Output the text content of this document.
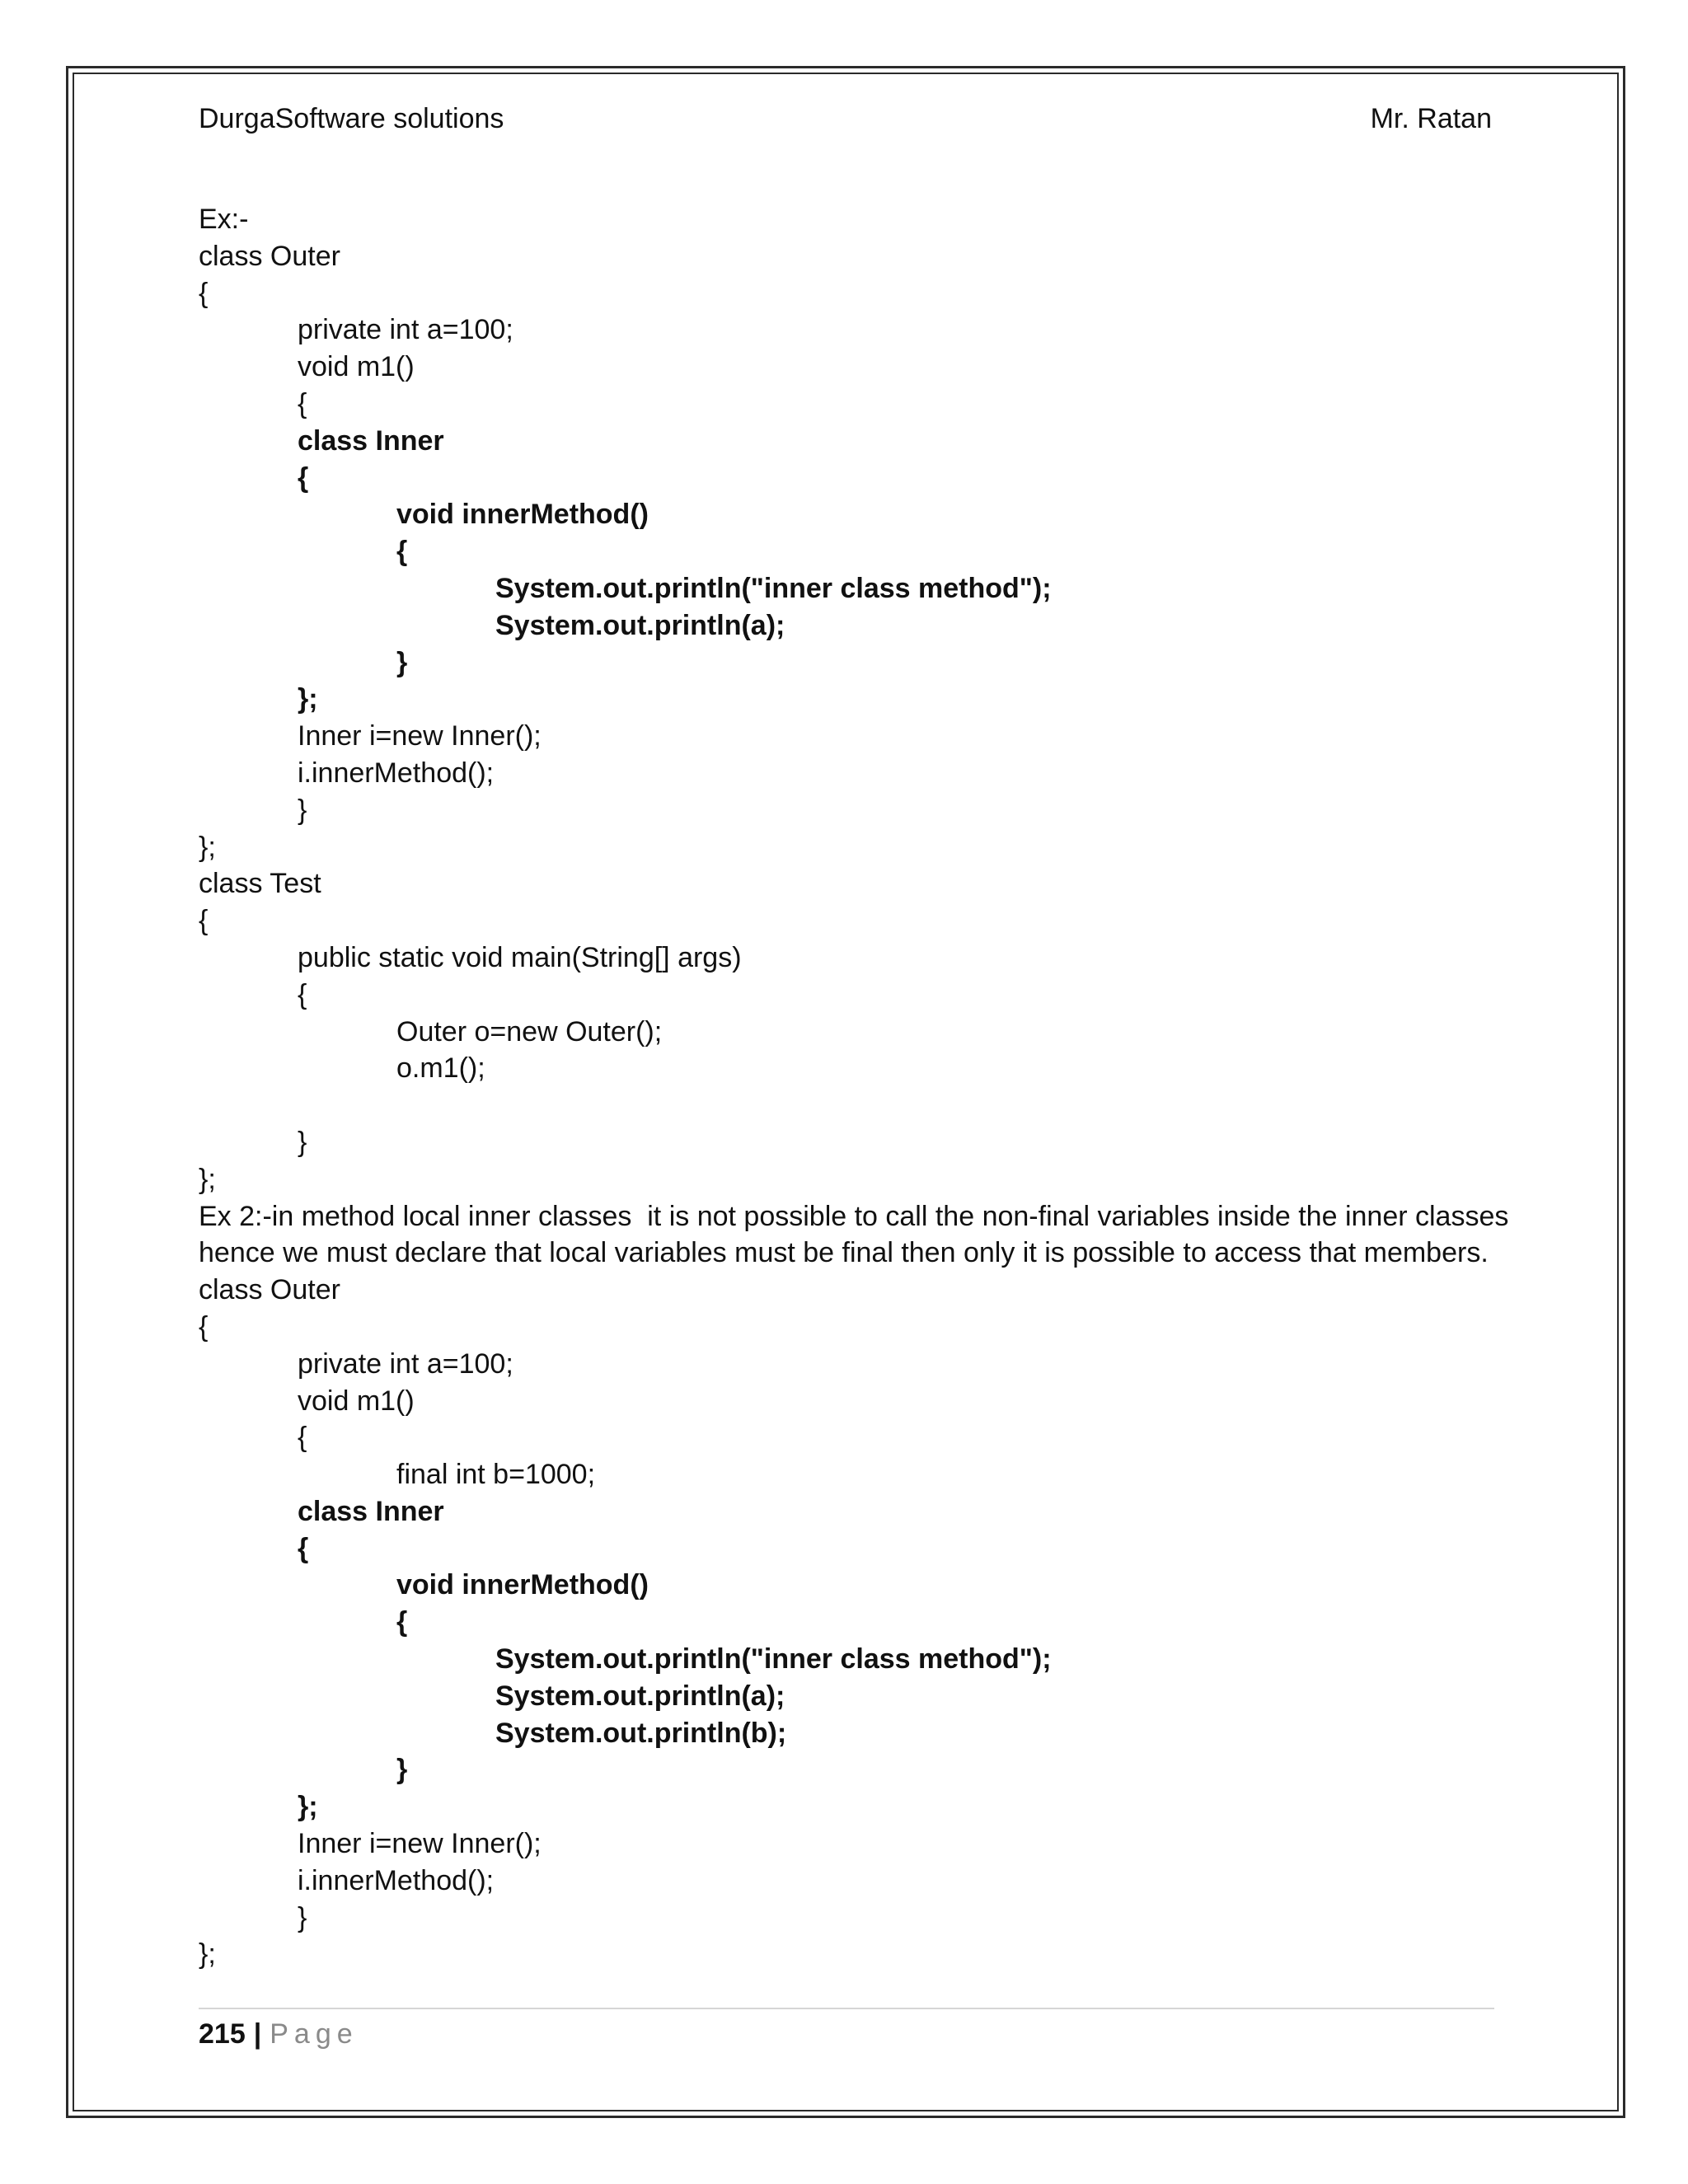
DurgaSoftware solutions	Mr. Ratan
Ex:-
class Outer
{
private int a=100;
void m1()
{
class Inner
{
void innerMethod()
{
System.out.println("inner class method");
System.out.println(a);
}
};
Inner i=new Inner();
i.innerMethod();
}
};
class Test
{
public static void main(String[] args)
{
Outer o=new Outer();
o.m1();
}
};
Ex 2:-in method local inner classes  it is not possible to call the non-final variables inside the inner classes
hence we must declare that local variables must be final then only it is possible to access that members.
class Outer
{
private int a=100;
void m1()
{
final int b=1000;
class Inner
{
void innerMethod()
{
System.out.println("inner class method");
System.out.println(a);
System.out.println(b);
}
};
Inner i=new Inner();
i.innerMethod();
}
};
215 | Page
